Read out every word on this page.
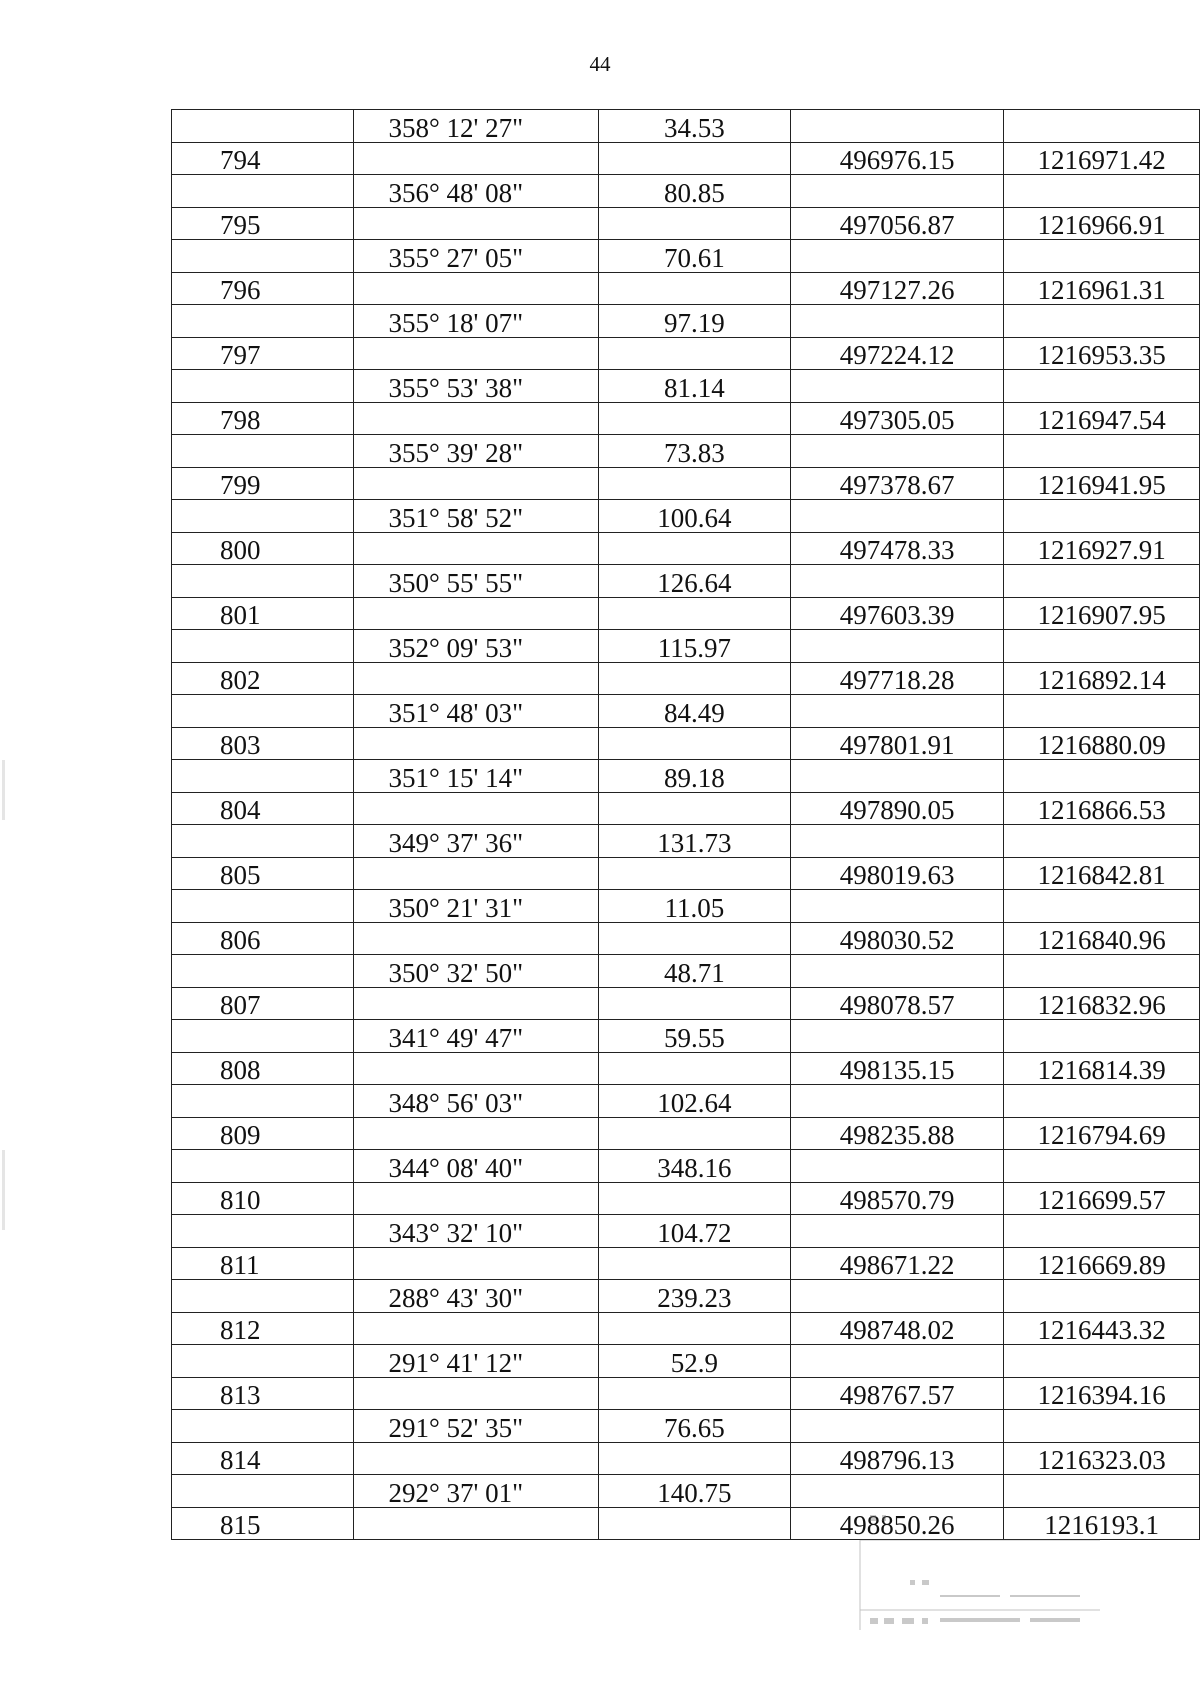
44
	358° 12' 27"	34.53		
794			496976.15	1216971.42
	356° 48' 08"	80.85		
795			497056.87	1216966.91
	355° 27' 05"	70.61		
796			497127.26	1216961.31
	355° 18' 07"	97.19		
797			497224.12	1216953.35
	355° 53' 38"	81.14		
798			497305.05	1216947.54
	355° 39' 28"	73.83		
799			497378.67	1216941.95
	351° 58' 52"	100.64		
800			497478.33	1216927.91
	350° 55' 55"	126.64		
801			497603.39	1216907.95
	352° 09' 53"	115.97		
802			497718.28	1216892.14
	351° 48' 03"	84.49		
803			497801.91	1216880.09
	351° 15' 14"	89.18		
804			497890.05	1216866.53
	349° 37' 36"	131.73		
805			498019.63	1216842.81
	350° 21' 31"	11.05		
806			498030.52	1216840.96
	350° 32' 50"	48.71		
807			498078.57	1216832.96
	341° 49' 47"	59.55		
808			498135.15	1216814.39
	348° 56' 03"	102.64		
809			498235.88	1216794.69
	344° 08' 40"	348.16		
810			498570.79	1216699.57
	343° 32' 10"	104.72		
811			498671.22	1216669.89
	288° 43' 30"	239.23		
812			498748.02	1216443.32
	291° 41' 12"	52.9		
813			498767.57	1216394.16
	291° 52' 35"	76.65		
814			498796.13	1216323.03
	292° 37' 01"	140.75		
815			498850.26	1216193.1
